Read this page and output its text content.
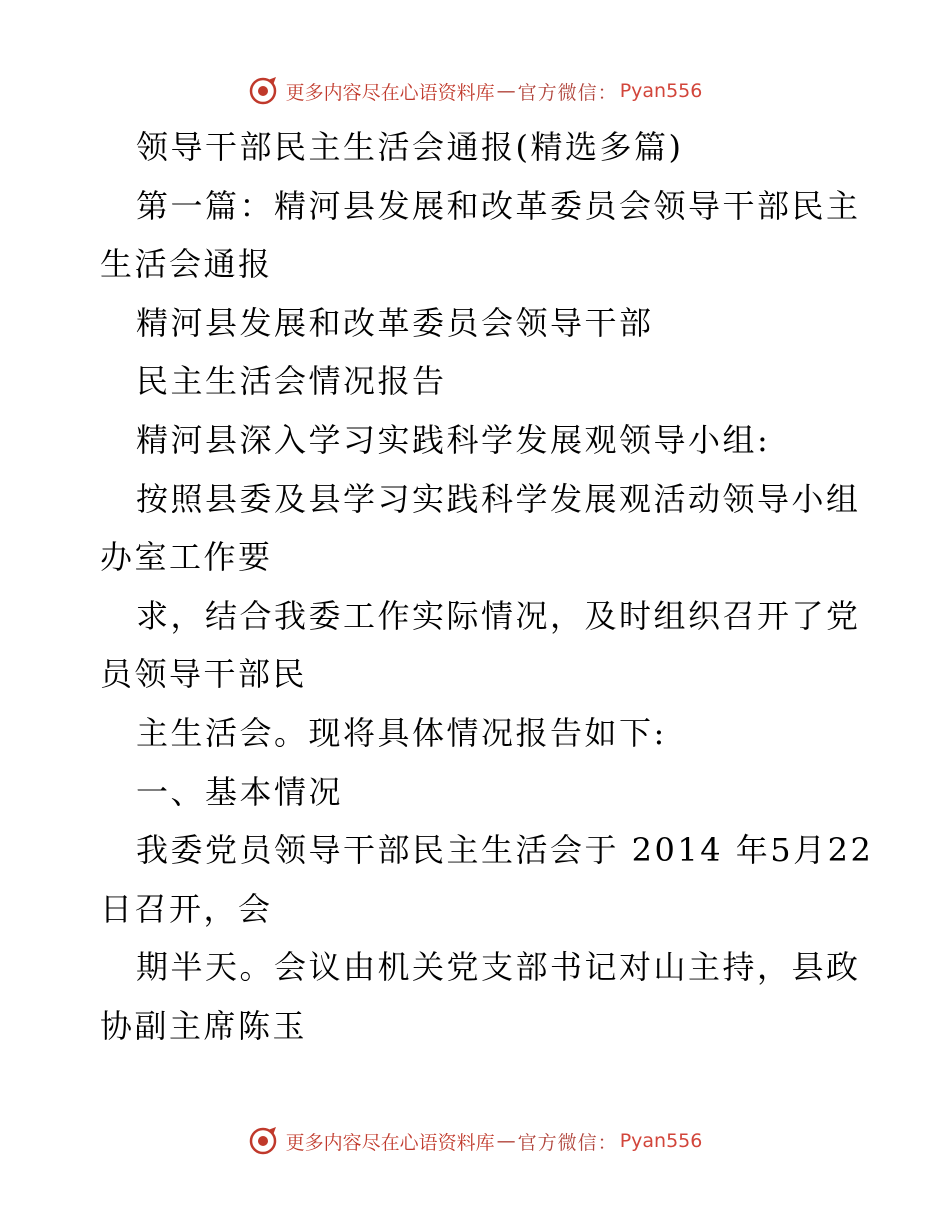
更多内容尽在心语资料库 — 官方微信： Pyan556
领导干部民主生活会通报(精选多篇)
第一篇：精河县发展和改革委员会领导干部民主
生活会通报
精河县发展和改革委员会领导干部
民主生活会情况报告
精河县深入学习实践科学发展观领导小组:
按照县委及县学习实践科学发展观活动领导小组
办室工作要
求，结合我委工作实际情况，及时组织召开了党
员领导干部民
主生活会。现将具体情况报告如下:
一、基本情况
我委党员领导干部民主生活会于 2014 年5月22
日召开，会
期半天。会议由机关党支部书记对山主持，县政
协副主席陈玉
更多内容尽在心语资料库 — 官方微信： Pyan556
